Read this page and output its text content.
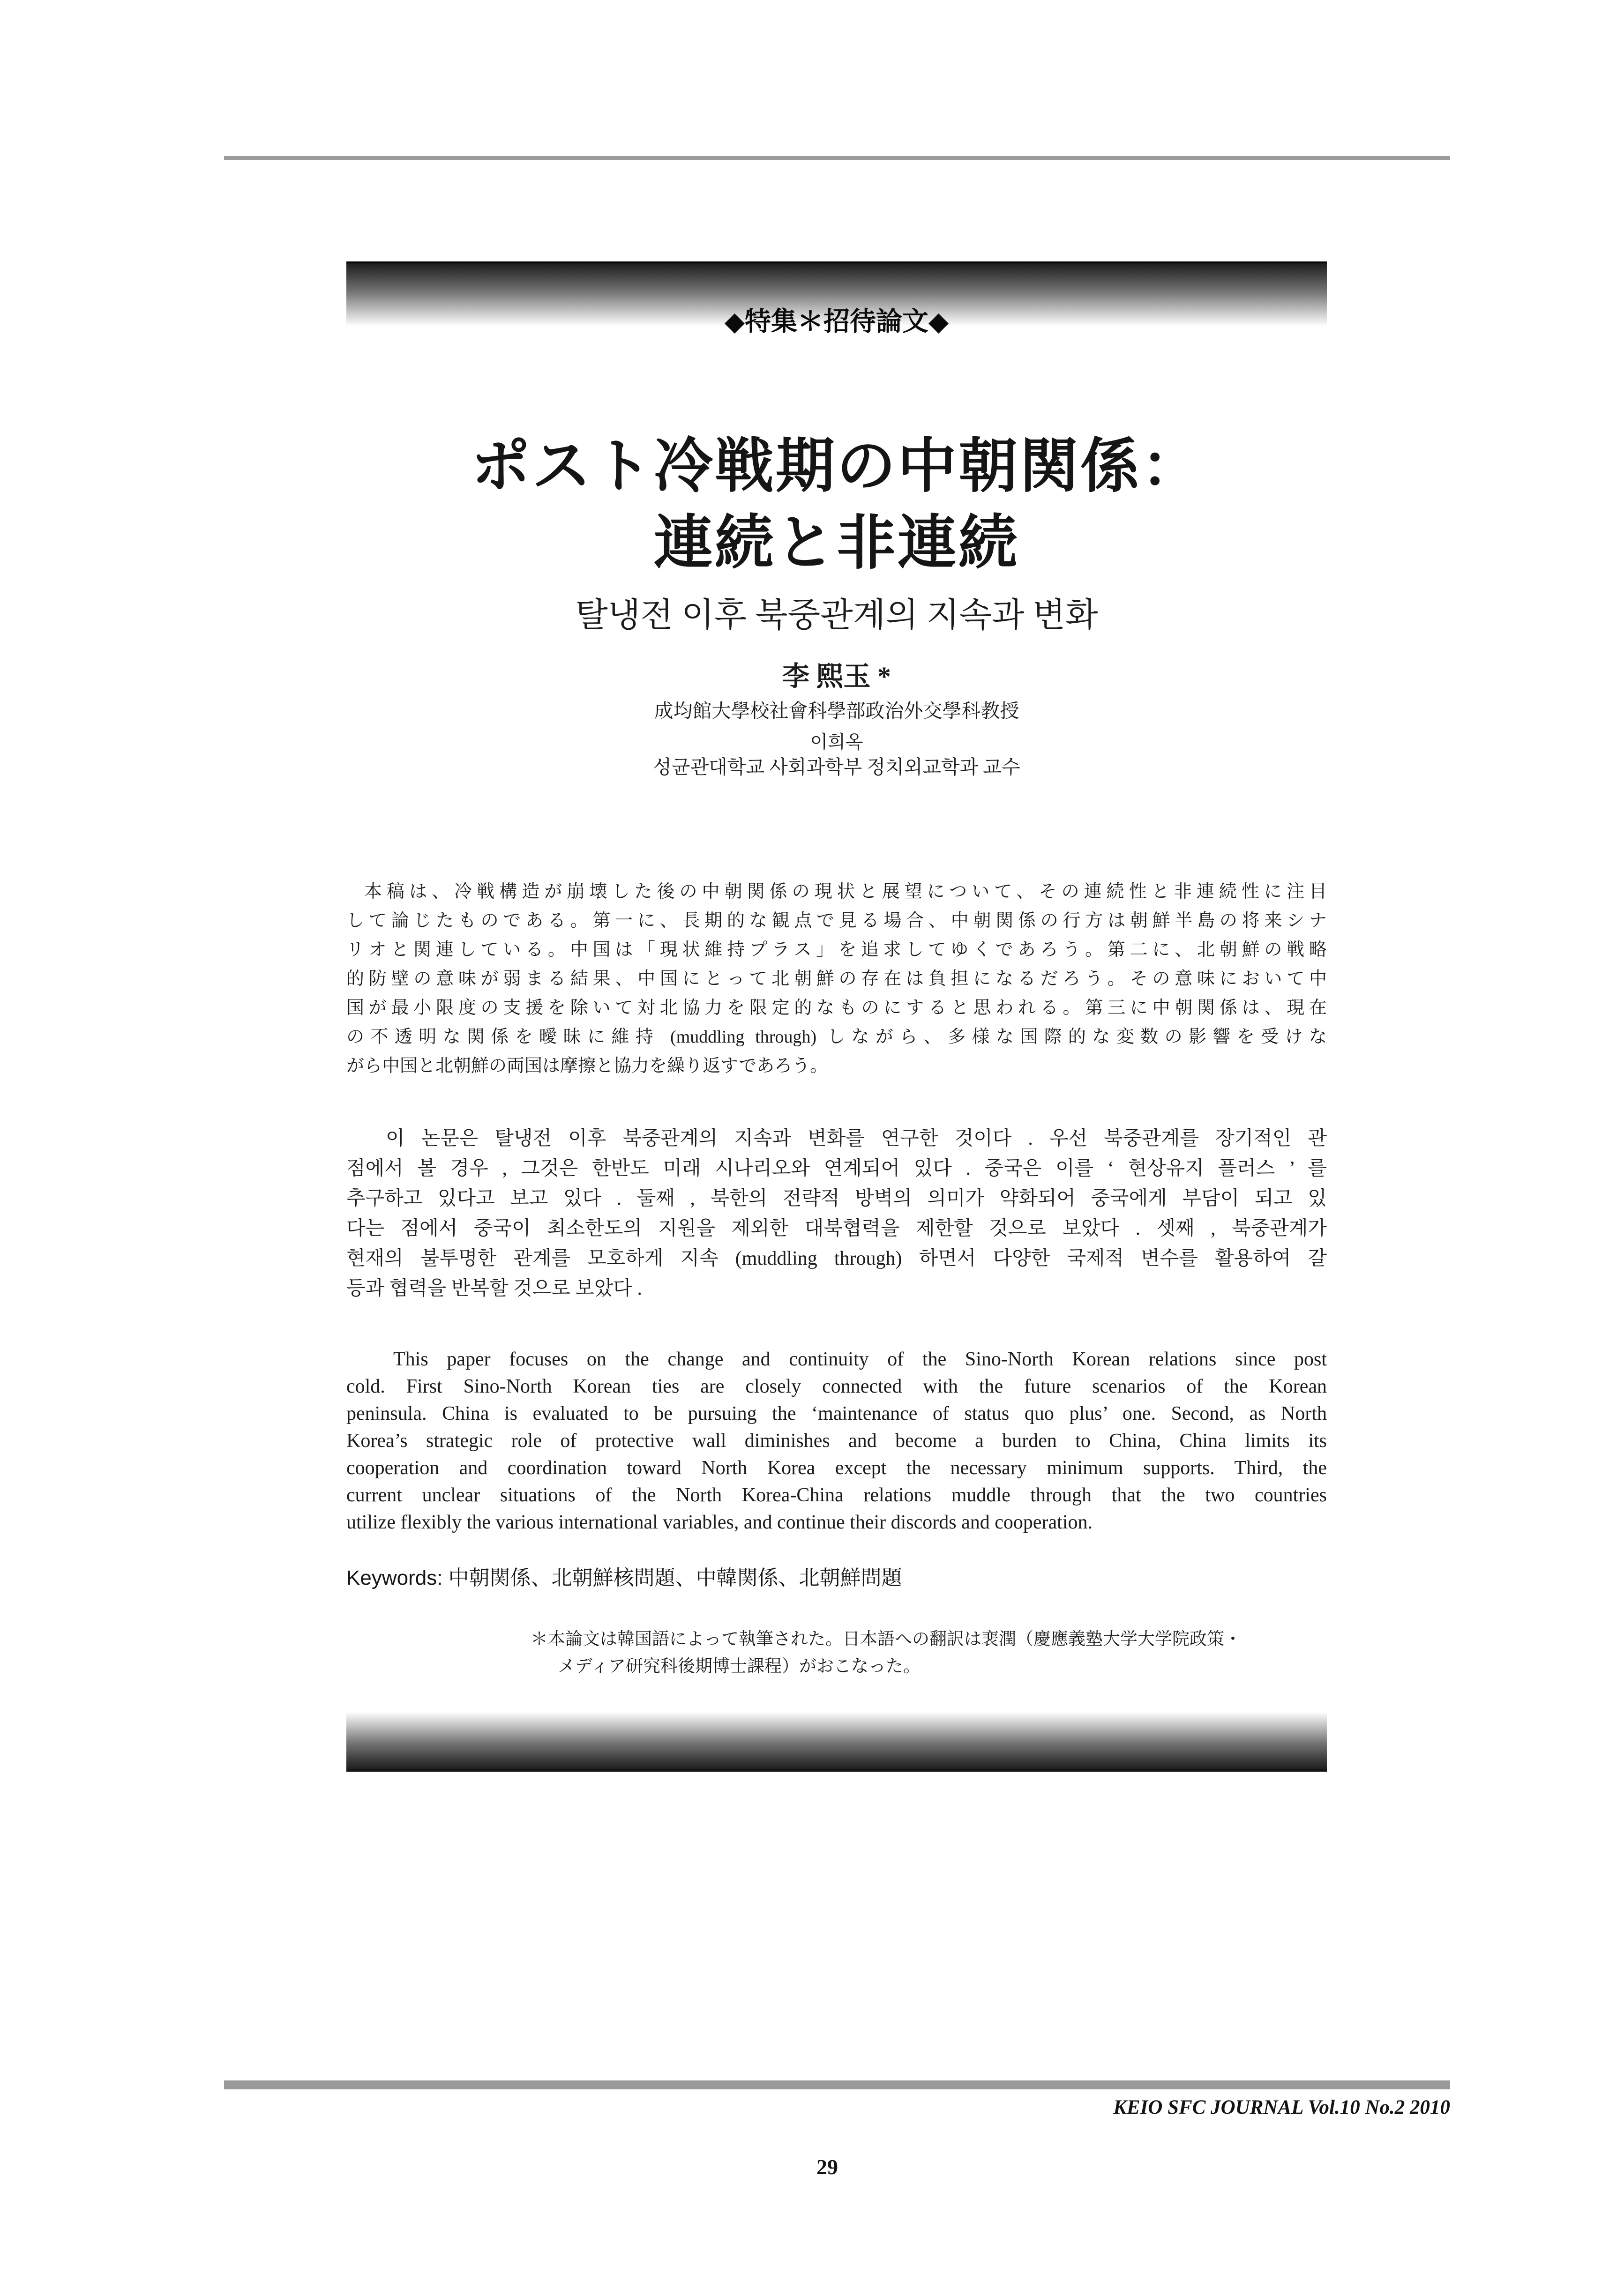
◆特集＊招待論文◆
ポスト冷戦期の中朝関係：
連続と非連続
탈냉전 이후 북중관계의 지속과 변화
李 熙玉 *
成均館大學校社會科學部政治外交學科教授
이희옥
성균관대학교 사회과학부 정치외교학과 교수
本稿は、冷戦構造が崩壊した後の中朝関係の現状と展望について、その連続性と非連続性に注目
して論じたものである。第一に、長期的な観点で見る場合、中朝関係の行方は朝鮮半島の将来シナ
リオと関連している。中国は「現状維持プラス」を追求してゆくであろう。第二に、北朝鮮の戦略
的防壁の意味が弱まる結果、中国にとって北朝鮮の存在は負担になるだろう。その意味において中
国が最小限度の支援を除いて対北協力を限定的なものにすると思われる。第三に中朝関係は、現在
の不透明な関係を曖昧に維持 (muddling through) しながら、多様な国際的な変数の影響を受けな
がら中国と北朝鮮の両国は摩擦と協力を繰り返すであろう。
이 논문은 탈냉전 이후 북중관계의 지속과 변화를 연구한 것이다 . 우선 북중관계를 장기적인 관
점에서 볼 경우 , 그것은 한반도 미래 시나리오와 연계되어 있다 . 중국은 이를 ‘ 현상유지 플러스 ’ 를
추구하고 있다고 보고 있다 . 둘째 , 북한의 전략적 방벽의 의미가 약화되어 중국에게 부담이 되고 있
다는 점에서 중국이 최소한도의 지원을 제외한 대북협력을 제한할 것으로 보았다 . 셋째 , 북중관계가
현재의 불투명한 관계를 모호하게 지속 (muddling through) 하면서 다양한 국제적 변수를 활용하여 갈
등과 협력을 반복할 것으로 보았다 .
This paper focuses on the change and continuity of the Sino-North Korean relations since post
cold. First Sino-North Korean ties are closely connected with the future scenarios of the Korean
peninsula. China is evaluated to be pursuing the ‘maintenance of status quo plus’ one. Second, as North
Korea’s strategic role of protective wall diminishes and become a burden to China, China limits its
cooperation and coordination toward North Korea except the necessary minimum supports. Third, the
current unclear situations of the North Korea-China relations muddle through that the two countries
utilize flexibly the various international variables, and continue their discords and cooperation.
Keywords: 中朝関係、北朝鮮核問題、中韓関係、北朝鮮問題
＊本論文は韓国語によって執筆された。日本語への翻訳は裵潤（慶應義塾大学大学院政策・
メディア研究科後期博士課程）がおこなった。
KEIO SFC JOURNAL Vol.10 No.2 2010
29
